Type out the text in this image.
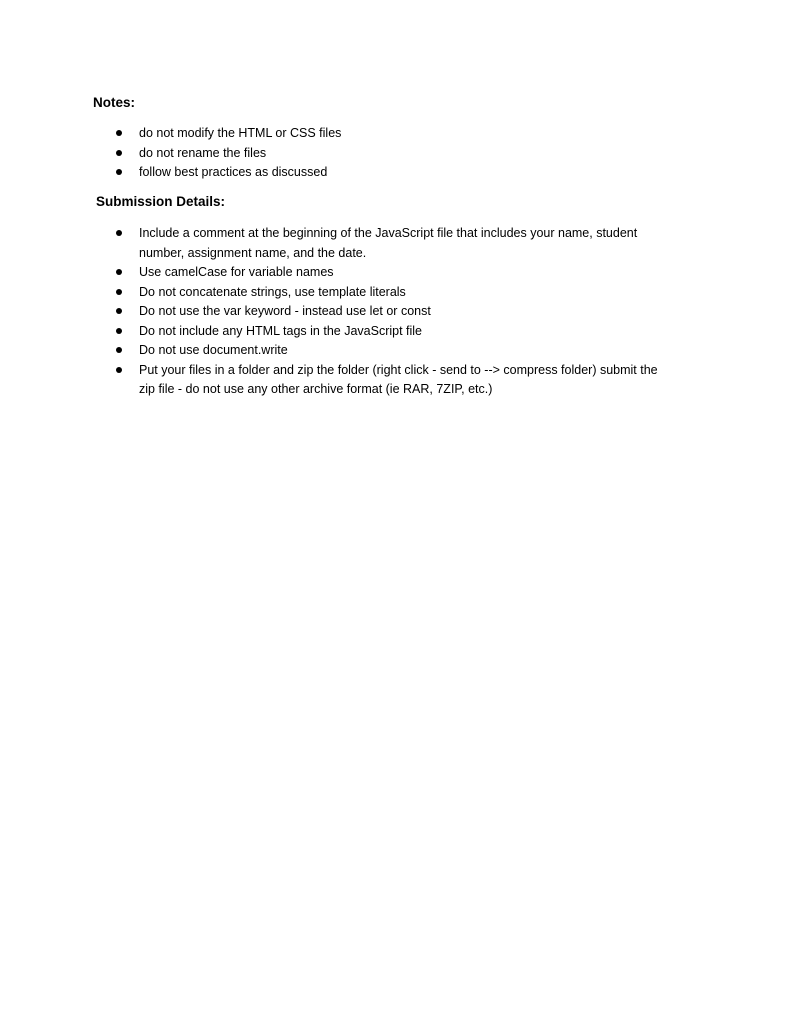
Notes:
do not modify the HTML or CSS files
do not rename the files
follow best practices as discussed
Submission Details:
Include a comment at the beginning of the JavaScript file that includes your name, student
number, assignment name, and the date.
Use camelCase for variable names
Do not concatenate strings, use template literals
Do not use the var keyword - instead use let or const
Do not include any HTML tags in the JavaScript file
Do not use document.write
Put your files in a folder and zip the folder (right click - send to --> compress folder) submit the
zip file - do not use any other archive format (ie RAR, 7ZIP, etc.)
